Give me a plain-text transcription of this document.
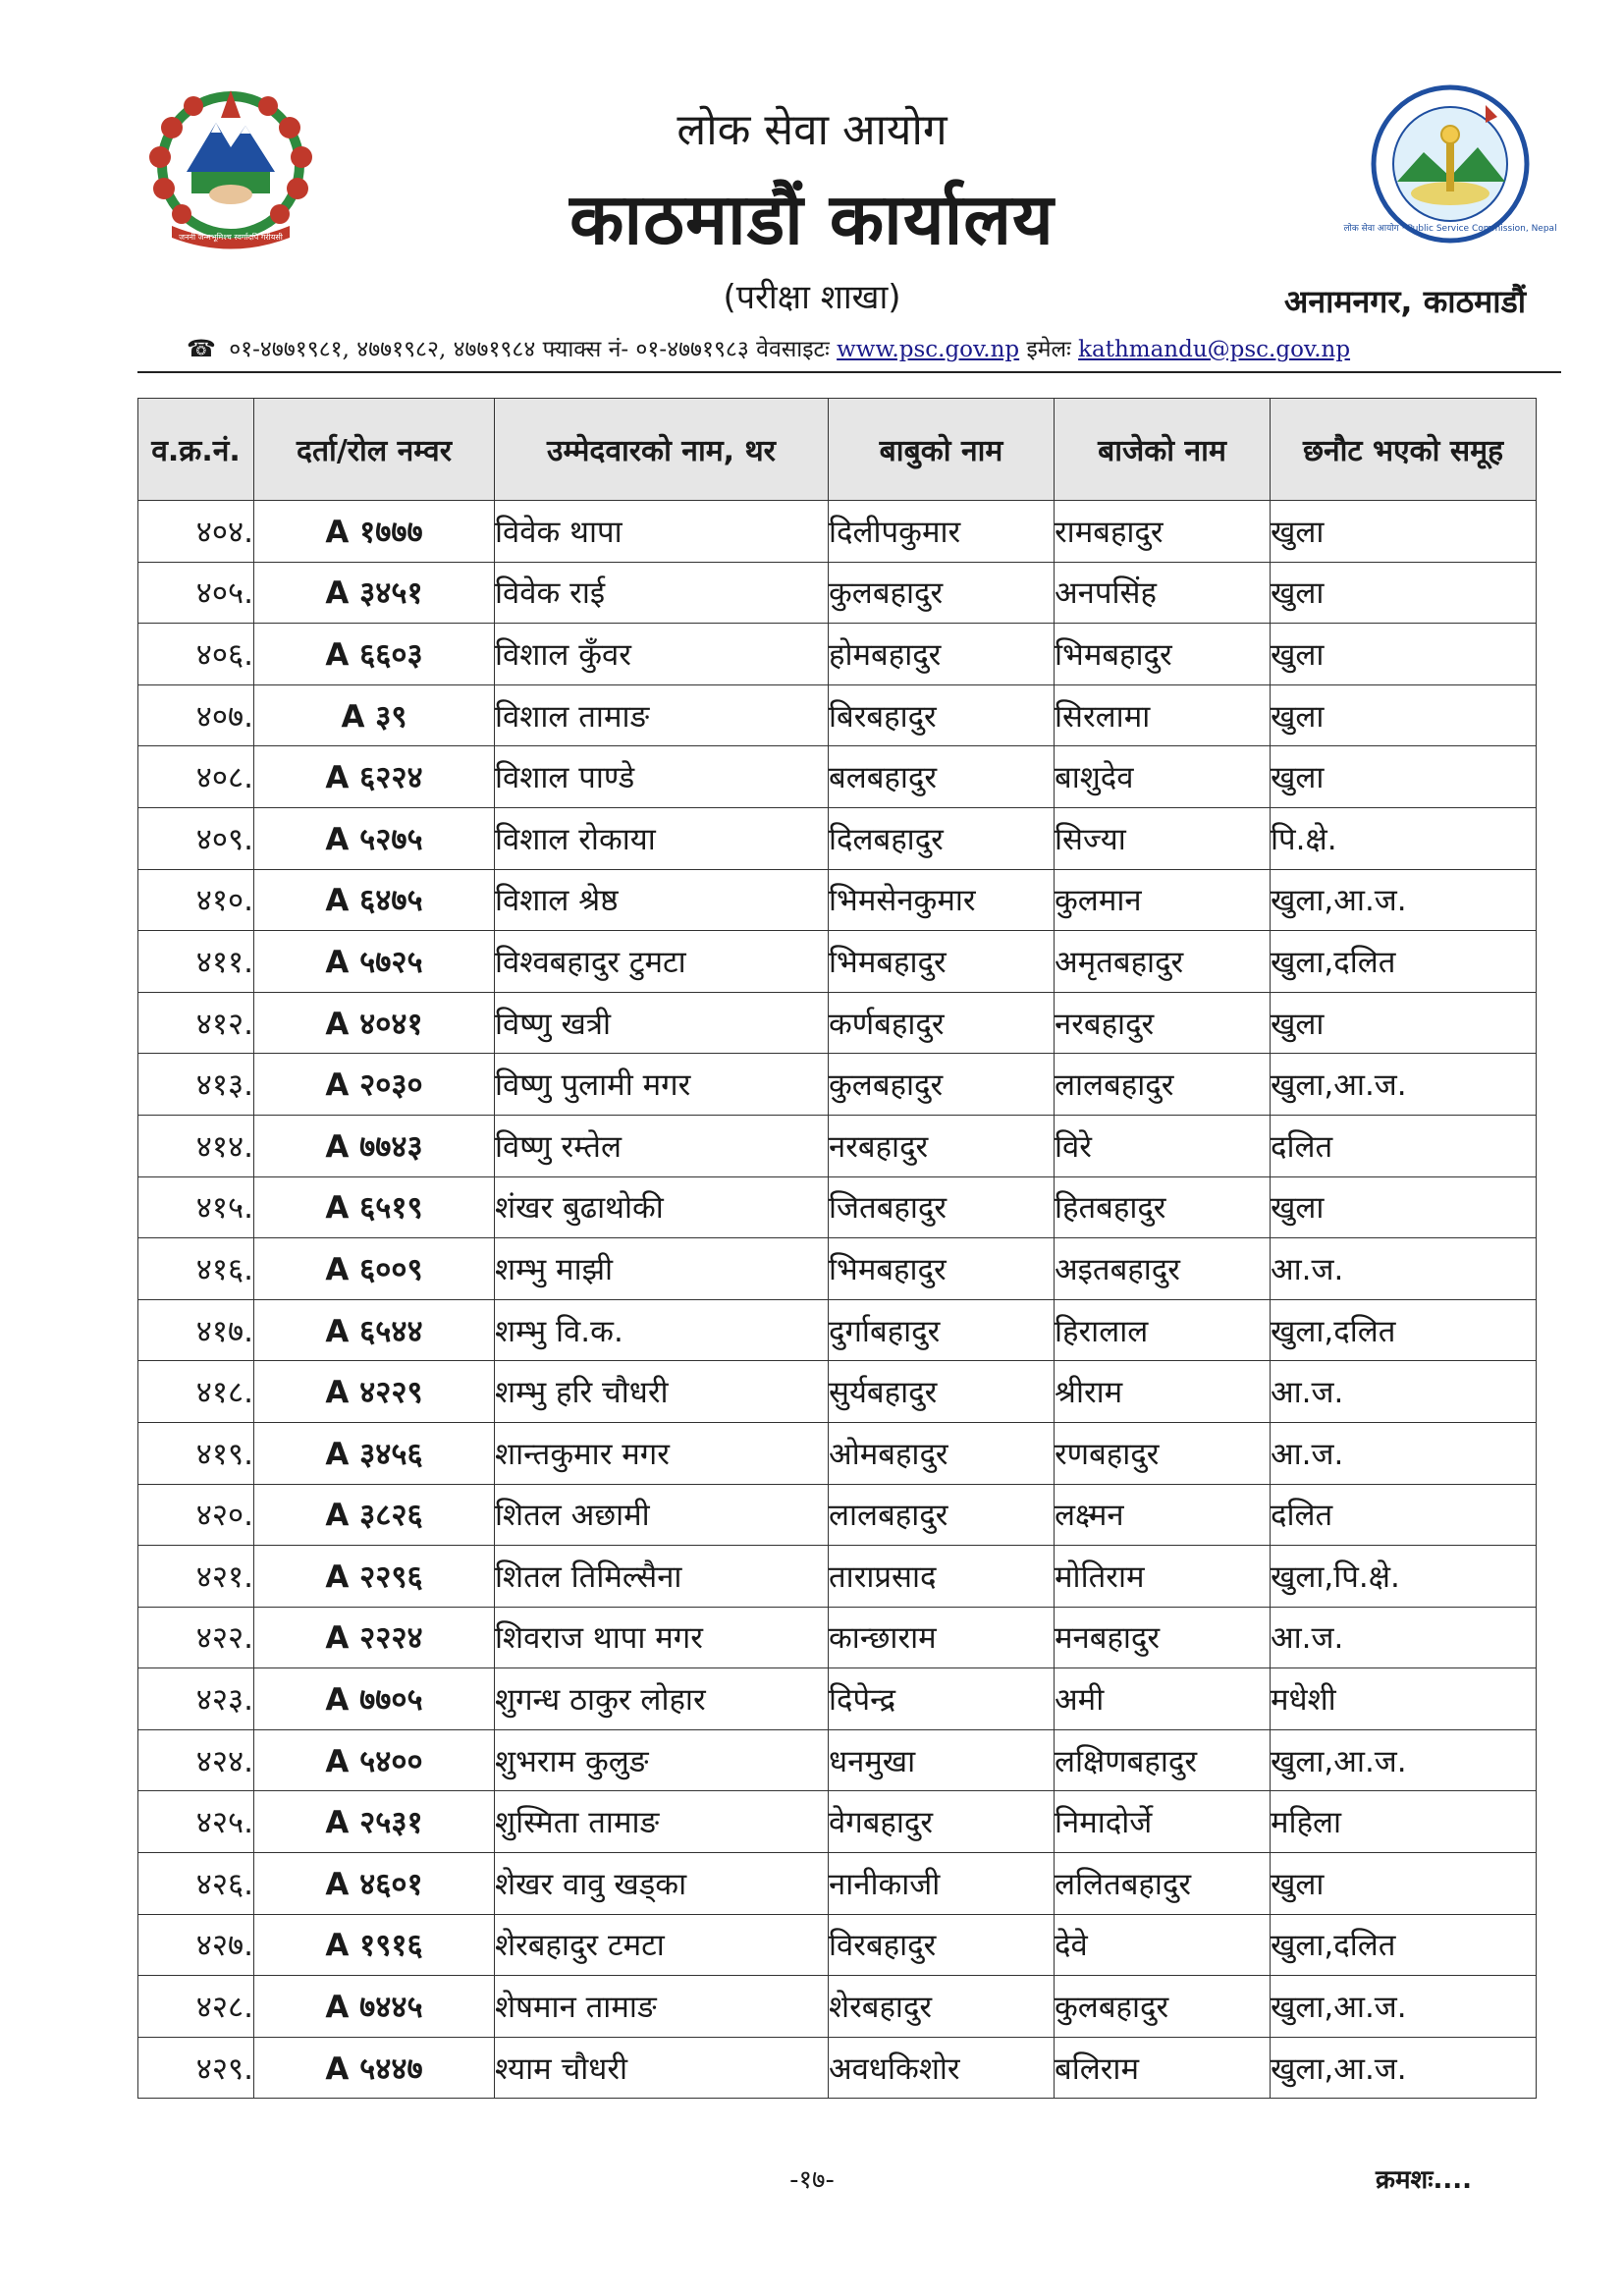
जननी जन्मभूमिश्च स्वर्गादपि गरीयसी
लोक सेवा आयोग
काठमाडौं कार्यालय
(परीक्षा शाखा)	अनामनगर, काठमाडौं
लोक सेवा आयोग · Public Service Commission, Nepal
☎ ०१-४७७१९८१, ४७७१९८२, ४७७१९८४ फ्याक्स नं- ०१-४७७१९८३ वेवसाइटः www.psc.gov.np इमेलः kathmandu@psc.gov.np
व.क्र.नं.	दर्ता/रोल नम्वर	उम्मेदवारको नाम, थर	बाबुको नाम	बाजेको नाम	छनौट भएको समूह
४०४.	A १७७७	विवेक थापा	दिलीपकुमार	रामबहादुर	खुला
४०५.	A ३४५१	विवेक राई	कुलबहादुर	अनपसिंह	खुला
४०६.	A ६६०३	विशाल कुँवर	होमबहादुर	भिमबहादुर	खुला
४०७.	A ३९	विशाल तामाङ	बिरबहादुर	सिरलामा	खुला
४०८.	A ६२२४	विशाल पाण्डे	बलबहादुर	बाशुदेव	खुला
४०९.	A ५२७५	विशाल रोकाया	दिलबहादुर	सिज्या	पि.क्षे.
४१०.	A ६४७५	विशाल श्रेष्ठ	भिमसेनकुमार	कुलमान	खुला,आ.ज.
४११.	A ५७२५	विश्वबहादुर टुमटा	भिमबहादुर	अमृतबहादुर	खुला,दलित
४१२.	A ४०४१	विष्णु खत्री	कर्णबहादुर	नरबहादुर	खुला
४१३.	A २०३०	विष्णु पुलामी मगर	कुलबहादुर	लालबहादुर	खुला,आ.ज.
४१४.	A ७७४३	विष्णु रम्तेल	नरबहादुर	विरे	दलित
४१५.	A ६५१९	शंखर बुढाथोकी	जितबहादुर	हितबहादुर	खुला
४१६.	A ६००९	शम्भु माझी	भिमबहादुर	अइतबहादुर	आ.ज.
४१७.	A ६५४४	शम्भु वि.क.	दुर्गाबहादुर	हिरालाल	खुला,दलित
४१८.	A ४२२९	शम्भु हरि चौधरी	सुर्यबहादुर	श्रीराम	आ.ज.
४१९.	A ३४५६	शान्तकुमार मगर	ओमबहादुर	रणबहादुर	आ.ज.
४२०.	A ३८२६	शितल अछामी	लालबहादुर	लक्ष्मन	दलित
४२१.	A २२९६	शितल तिमिल्सैना	ताराप्रसाद	मोतिराम	खुला,पि.क्षे.
४२२.	A २२२४	शिवराज थापा मगर	कान्छाराम	मनबहादुर	आ.ज.
४२३.	A ७७०५	शुगन्ध ठाकुर लोहार	दिपेन्द्र	अमी	मधेशी
४२४.	A ५४००	शुभराम कुलुङ	धनमुखा	लक्षिणबहादुर	खुला,आ.ज.
४२५.	A २५३१	शुस्मिता तामाङ	वेगबहादुर	निमादोर्जे	महिला
४२६.	A ४६०१	शेखर वावु खड्का	नानीकाजी	ललितबहादुर	खुला
४२७.	A १९१६	शेरबहादुर टमटा	विरबहादुर	देवे	खुला,दलित
४२८.	A ७४४५	शेषमान तामाङ	शेरबहादुर	कुलबहादुर	खुला,आ.ज.
४२९.	A ५४४७	श्याम चौधरी	अवधकिशोर	बलिराम	खुला,आ.ज.
-१७-	क्रमशः....
